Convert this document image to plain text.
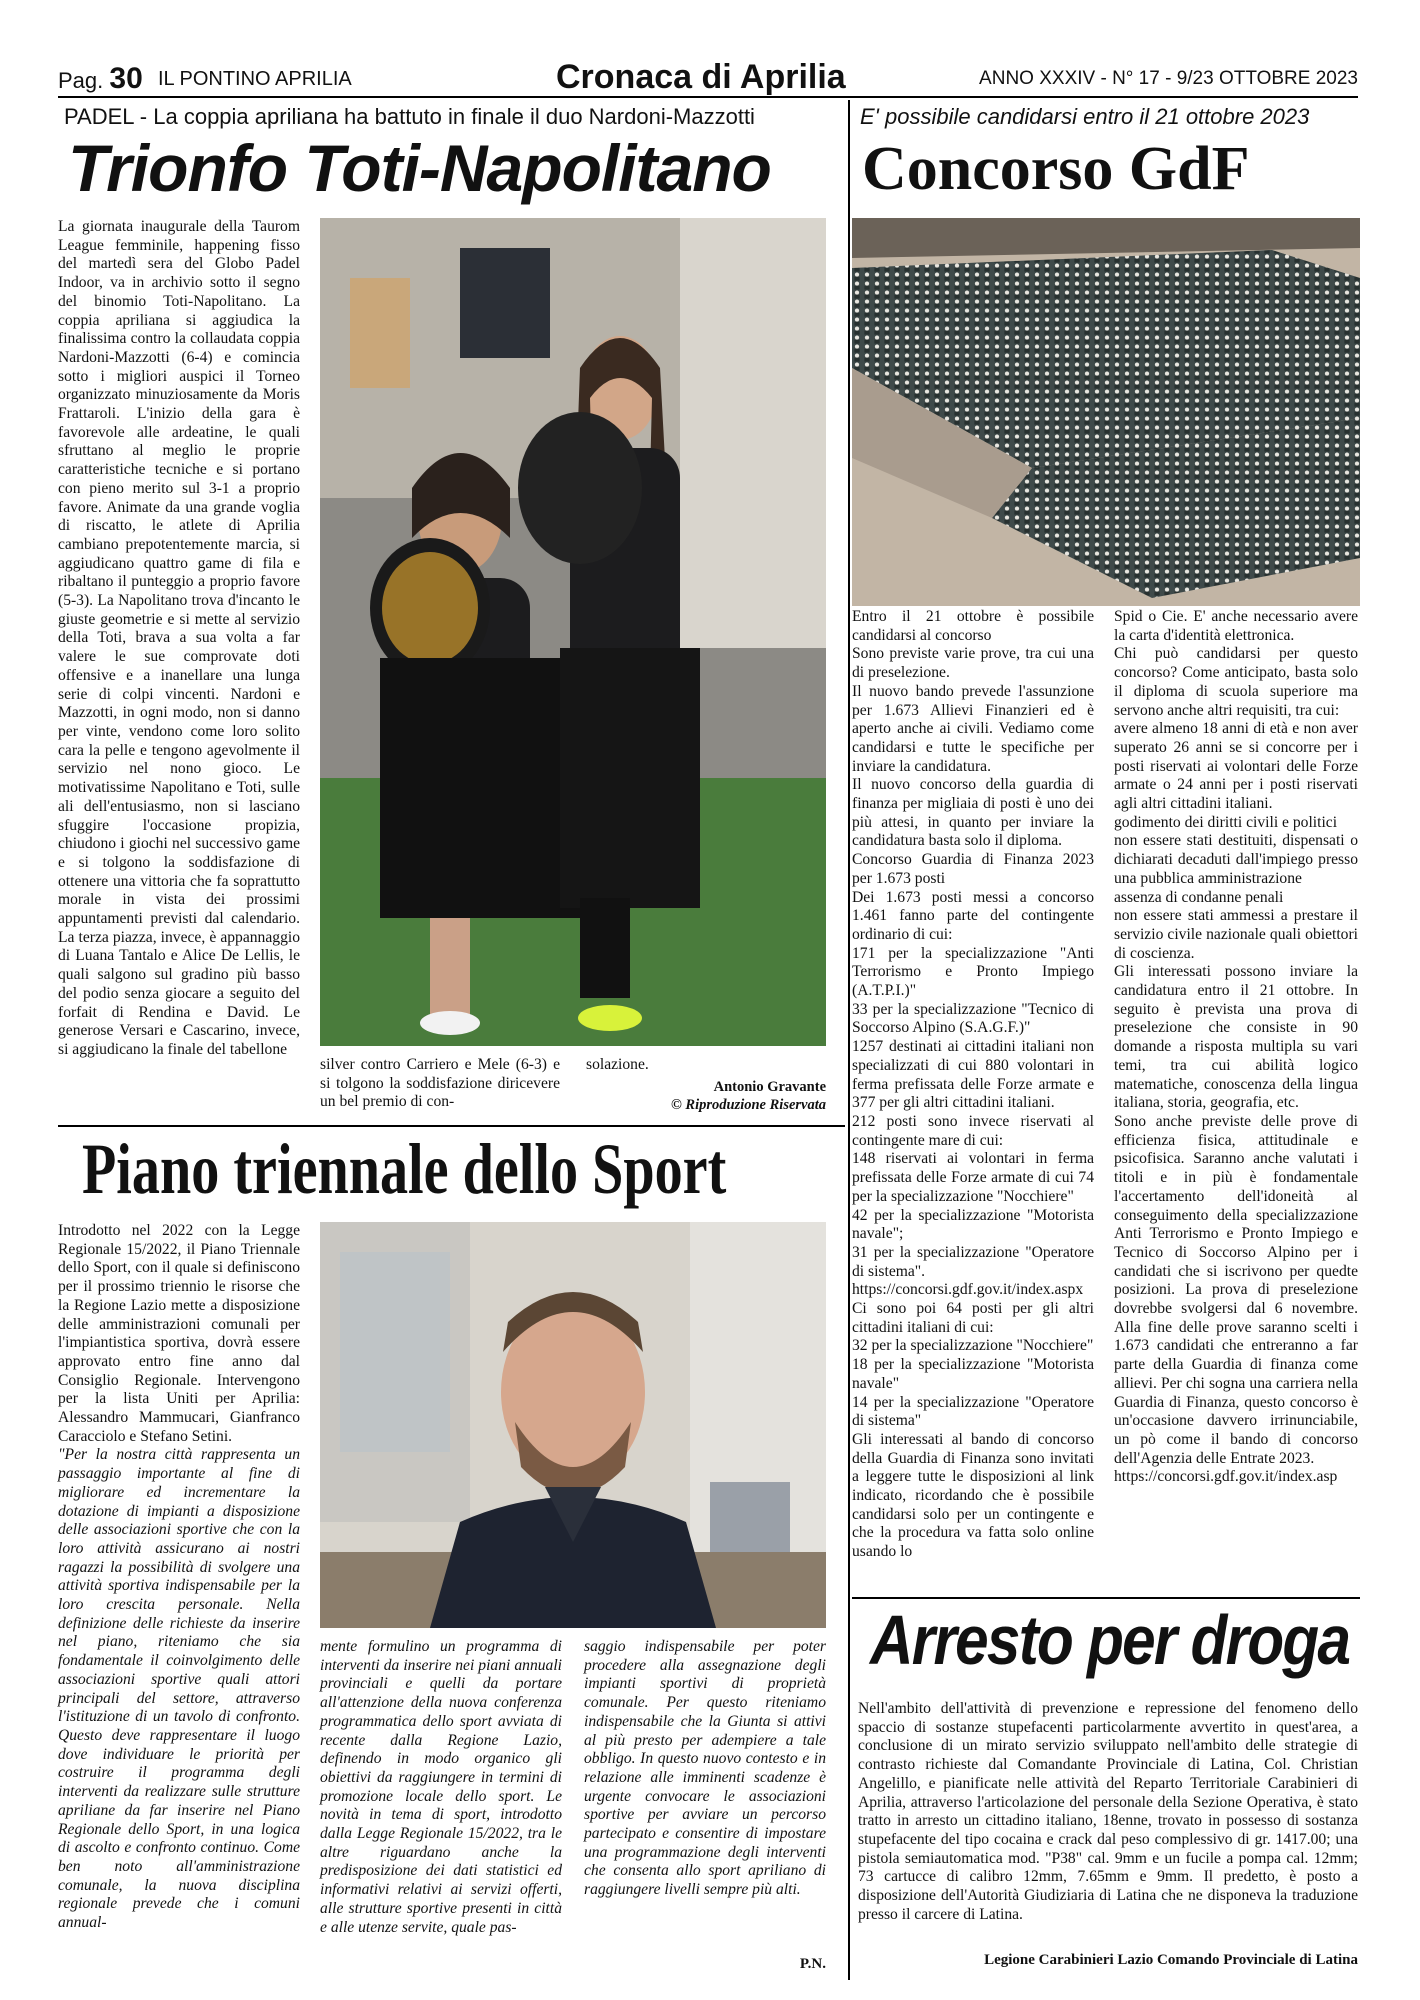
Pag. 30 IL PONTINO APRILIA	Cronaca di Aprilia	ANNO XXXIV - N° 17 - 9/23 OTTOBRE 2023
PADEL - La coppia apriliana ha battuto in finale il duo Nardoni-Mazzotti
Trionfo Toti-Napolitano

La giornata inaugurale della Taurom League femminile, happening fisso del martedì sera del Globo Padel Indoor, va in archivio sotto il segno del binomio Toti-Napolitano. La coppia apriliana si aggiudica la finalissima contro la collaudata coppia Nardoni-Mazzotti (6-4) e comincia sotto i migliori auspici il Torneo organizzato minuziosamente da Moris Frattaroli. L'inizio della gara è favorevole alle ardeatine, le quali sfruttano al meglio le proprie caratteristiche tecniche e si portano con pieno merito sul 3-1 a proprio favore. Animate da una grande voglia di riscatto, le atlete di Aprilia cambiano prepotentemente marcia, si aggiudicano quattro game di fila e ribaltano il punteggio a proprio favore (5-3). La Napolitano trova d'incanto le giuste geometrie e si mette al servizio della Toti, brava a sua volta a far valere le sue comprovate doti offensive e a inanellare una lunga serie di colpi vincenti. Nardoni e Mazzotti, in ogni modo, non si danno per vinte, vendono come loro solito cara la pelle e tengono agevolmente il servizio nel nono gioco. Le motivatissime Napolitano e Toti, sulle ali dell'entusiasmo, non si lasciano sfuggire l'occasione propizia, chiudono i giochi nel successivo game e si tolgono la soddisfazione di ottenere una vittoria che fa soprattutto morale in vista dei prossimi appuntamenti previsti dal calendario. La terza piazza, invece, è appannaggio di Luana Tantalo e Alice De Lellis, le quali salgono sul gradino più basso del podio senza giocare a seguito del forfait di Rendina e David. Le generose Versari e Cascarino, invece, si aggiudicano la finale del tabellone

silver contro Carriero e Mele (6-3) e si tolgono la soddisfazione diricevere un bel premio di con-

solazione.

Antonio Gravante
© Riproduzione Riservata
E' possibile candidarsi entro il 21 ottobre 2023
Concorso GdF

Entro il 21 ottobre è possibile candidarsi al concorso

Sono previste varie prove, tra cui una di preselezione.

Il nuovo bando prevede l'assunzione per 1.673 Allievi Finanzieri ed è aperto anche ai civili. Vediamo come candidarsi e tutte le specifiche per inviare la candidatura.

Il nuovo concorso della guardia di finanza per migliaia di posti è uno dei più attesi, in quanto per inviare la candidatura basta solo il diploma.

Concorso Guardia di Finanza 2023 per 1.673 posti

Dei 1.673 posti messi a concorso 1.461 fanno parte del contingente ordinario di cui:

171 per la specializzazione "Anti Terrorismo e Pronto Impiego (A.T.P.I.)"

33 per la specializzazione "Tecnico di Soccorso Alpino (S.A.G.F.)"

1257 destinati ai cittadini italiani non specializzati di cui 880 volontari in ferma prefissata delle Forze armate e 377 per gli altri cittadini italiani.

212 posti sono invece riservati al contingente mare di cui:

148 riservati ai volontari in ferma prefissata delle Forze armate di cui 74 per la specializzazione "Nocchiere"

42 per la specializzazione "Motorista navale";

31 per la specializzazione "Operatore di sistema".

https://concorsi.gdf.gov.it/index.aspx

Ci sono poi 64 posti per gli altri cittadini italiani di cui:

32 per la specializzazione "Nocchiere"

18 per la specializzazione "Motorista navale"

14 per la specializzazione "Operatore di sistema"

Gli interessati al bando di concorso della Guardia di Finanza sono invitati a leggere tutte le disposizioni al link indicato, ricordando che è possibile candidarsi solo per un contingente e che la procedura va fatta solo online usando lo

Spid o Cie. E' anche necessario avere la carta d'identità elettronica.

Chi può candidarsi per questo concorso? Come anticipato, basta solo il diploma di scuola superiore ma servono anche altri requisiti, tra cui:

avere almeno 18 anni di età e non aver superato 26 anni se si concorre per i posti riservati ai volontari delle Forze armate o 24 anni per i posti riservati agli altri cittadini italiani.

godimento dei diritti civili e politici

non essere stati destituiti, dispensati o dichiarati decaduti dall'impiego presso una pubblica amministrazione

assenza di condanne penali

non essere stati ammessi a prestare il servizio civile nazionale quali obiettori di coscienza.

Gli interessati possono inviare la candidatura entro il 21 ottobre. In seguito è prevista una prova di preselezione che consiste in 90 domande a risposta multipla su vari temi, tra cui abilità logico matematiche, conoscenza della lingua italiana, storia, geografia, etc.

Sono anche previste delle prove di efficienza fisica, attitudinale e psicofisica. Saranno anche valutati i titoli e in più è fondamentale l'accertamento dell'idoneità al conseguimento della specializzazione Anti Terrorismo e Pronto Impiego e Tecnico di Soccorso Alpino per i candidati che si iscrivono per quedte posizioni. La prova di preselezione dovrebbe svolgersi dal 6 novembre. Alla fine delle prove saranno scelti i 1.673 candidati che entreranno a far parte della Guardia di finanza come allievi. Per chi sogna una carriera nella Guardia di Finanza, questo concorso è un'occasione davvero irrinunciabile, un pò come il bando di concorso dell'Agenzia delle Entrate 2023.

https://concorsi.gdf.gov.it/index.asp

Piano triennale dello Sport

Introdotto nel 2022 con la Legge Regionale 15/2022, il Piano Triennale dello Sport, con il quale si definiscono per il prossimo triennio le risorse che la Regione Lazio mette a disposizione delle amministrazioni comunali per l'impiantistica sportiva, dovrà essere approvato entro fine anno dal Consiglio Regionale. Intervengono per la lista Uniti per Aprilia: Alessandro Mammucari, Gianfranco Caracciolo e Stefano Setini.

"Per la nostra città rappresenta un passaggio importante al fine di migliorare ed incrementare la dotazione di impianti a disposizione delle associazioni sportive che con la loro attività assicurano ai nostri ragazzi la possibilità di svolgere una attività sportiva indispensabile per la loro crescita personale. Nella definizione delle richieste da inserire nel piano, riteniamo che sia fondamentale il coinvolgimento delle associazioni sportive quali attori principali del settore, attraverso l'istituzione di un tavolo di confronto. Questo deve rappresentare il luogo dove individuare le priorità per costruire il programma degli interventi da realizzare sulle strutture apriliane da far inserire nel Piano Regionale dello Sport, in una logica di ascolto e confronto continuo. Come ben noto all'amministrazione comunale, la nuova disciplina regionale prevede che i comuni annual-

mente formulino un programma di interventi da inserire nei piani annuali provinciali e quelli da portare all'attenzione della nuova conferenza programmatica dello sport avviata di recente dalla Regione Lazio, definendo in modo organico gli obiettivi da raggiungere in termini di promozione locale dello sport. Le novità in tema di sport, introdotto dalla Legge Regionale 15/2022, tra le altre riguardano anche la predisposizione dei dati statistici ed informativi relativi ai servizi offerti, alle strutture sportive presenti in città e alle utenze servite, quale pas-

saggio indispensabile per poter procedere alla assegnazione degli impianti sportivi di proprietà comunale. Per questo riteniamo indispensabile che la Giunta si attivi al più presto per adempiere a tale obbligo. In questo nuovo contesto e in relazione alle imminenti scadenze è urgente convocare le associazioni sportive per avviare un percorso partecipato e consentire di impostare una programmazione degli interventi che consenta allo sport apriliano di raggiungere livelli sempre più alti.

P.N.
Arresto per droga

Nell'ambito dell'attività di prevenzione e repressione del fenomeno dello spaccio di sostanze stupefacenti particolarmente avvertito in quest'area, a conclusione di un mirato servizio sviluppato nell'ambito delle strategie di contrasto richieste dal Comandante Provinciale di Latina, Col. Christian Angelillo, e pianificate nelle attività del Reparto Territoriale Carabinieri di Aprilia, attraverso l'articolazione del personale della Sezione Operativa, è stato tratto in arresto un cittadino italiano, 18enne, trovato in possesso di sostanza stupefacente del tipo cocaina e crack dal peso complessivo di gr. 1417.00; una pistola semiautomatica mod. "P38" cal. 9mm e un fucile a pompa cal. 12mm; 73 cartucce di calibro 12mm, 7.65mm e 9mm. Il predetto, è posto a disposizione dell'Autorità Giudiziaria di Latina che ne disponeva la traduzione presso il carcere di Latina.

Legione Carabinieri Lazio Comando Provinciale di Latina
